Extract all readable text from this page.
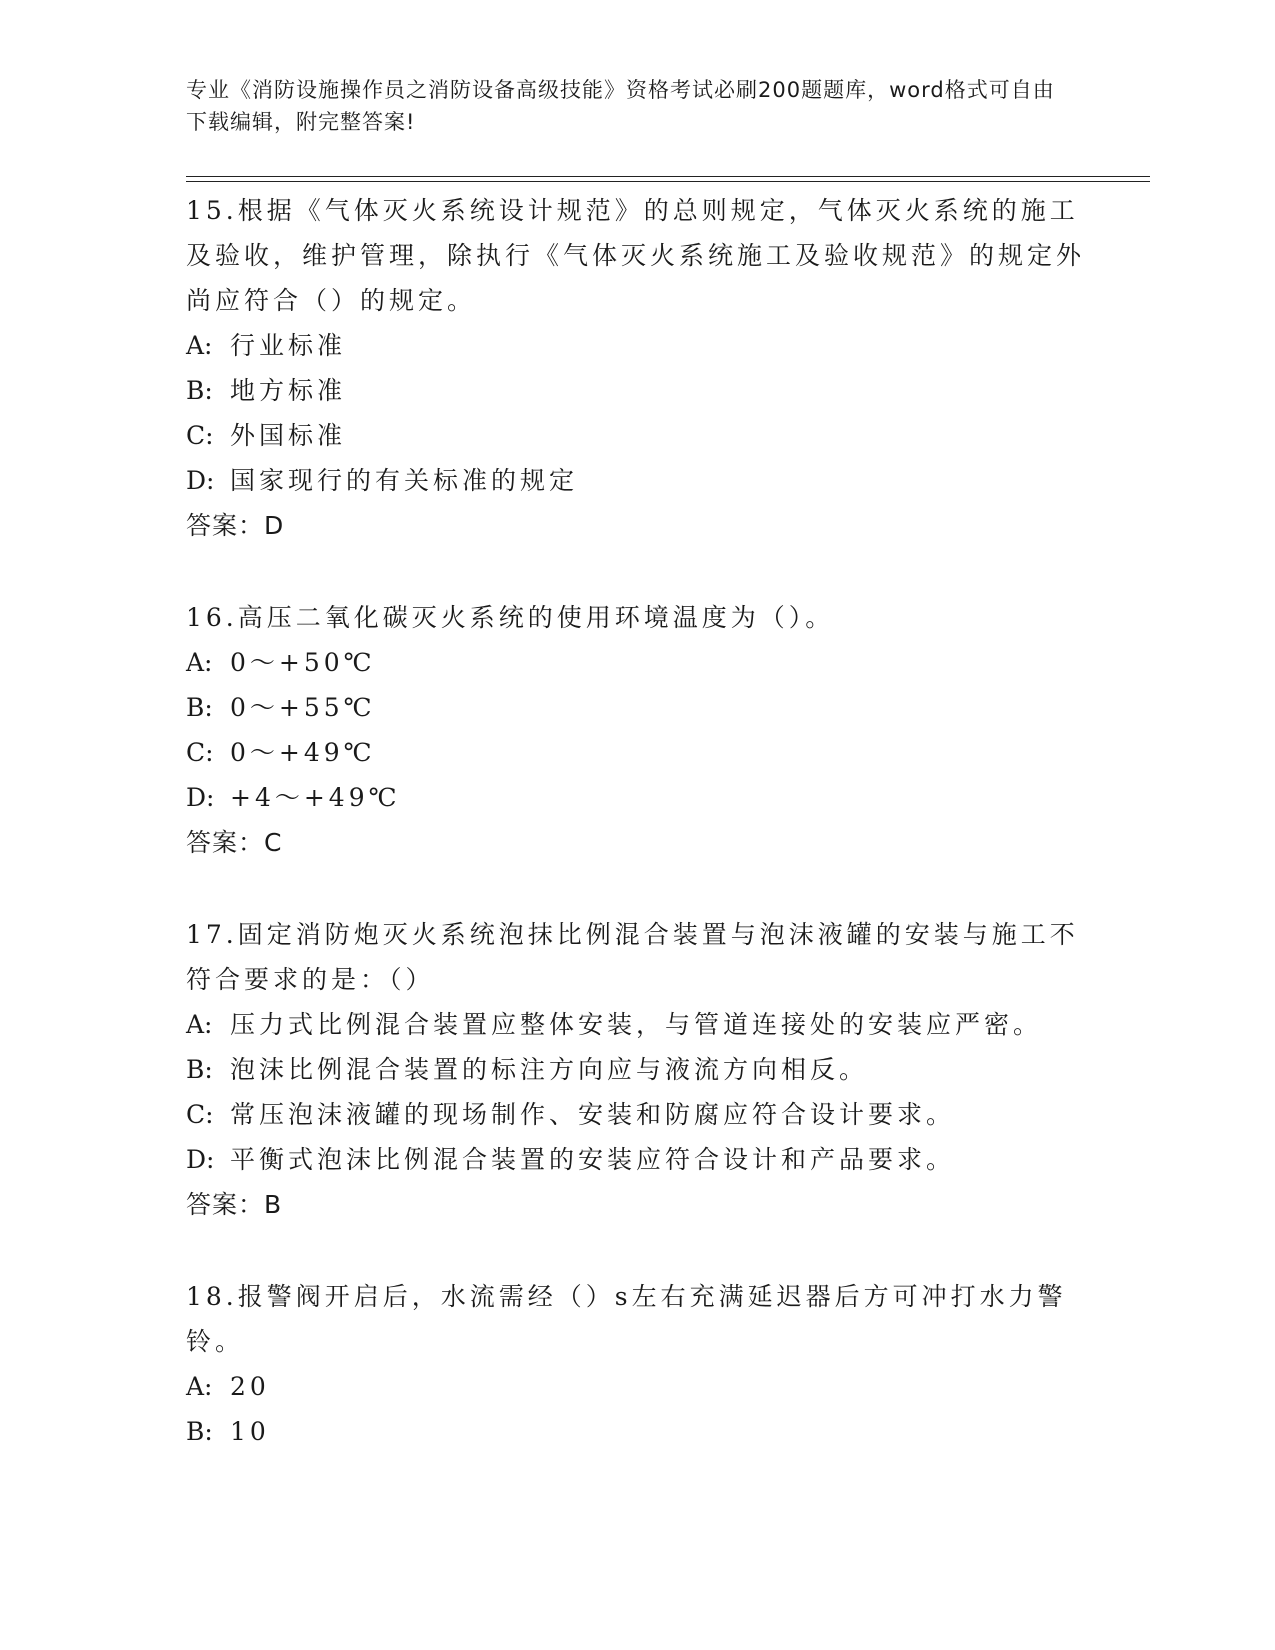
专业《消防设施操作员之消防设备高级技能》资格考试必刷200题题库，word格式可自由下载编辑，附完整答案!

15.根据《气体灭火系统设计规范》的总则规定，气体灭火系统的施工及验收，维护管理，除执行《气体灭火系统施工及验收规范》的规定外尚应符合（）的规定。

A: 行业标准

B: 地方标准

C: 外国标准

D: 国家现行的有关标准的规定

答案：D

16.高压二氧化碳灭火系统的使用环境温度为（）。

A: 0～+50℃

B: 0～+55℃

C: 0～+49℃

D: +4～+49℃

答案：C

17.固定消防炮灭火系统泡抹比例混合装置与泡沫液罐的安装与施工不符合要求的是：（）

A: 压力式比例混合装置应整体安装，与管道连接处的安装应严密。

B: 泡沫比例混合装置的标注方向应与液流方向相反。

C: 常压泡沫液罐的现场制作、安装和防腐应符合设计要求。

D: 平衡式泡沫比例混合装置的安装应符合设计和产品要求。

答案：B

18.报警阀开启后，水流需经（）s左右充满延迟器后方可冲打水力警铃。

A: 20

B: 10
